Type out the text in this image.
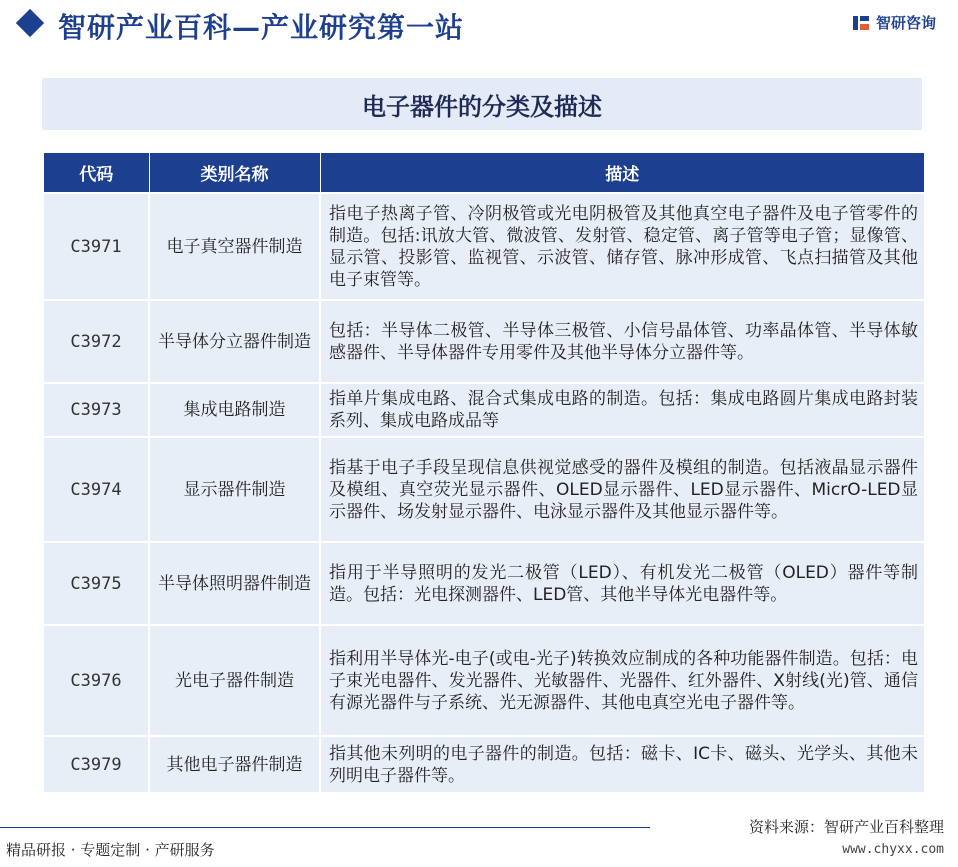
智研产业百科—产业研究第一站	智研咨询
电子器件的分类及描述
代码	类别名称	描述
C3971	电子真空器件制造	指电子热离子管、冷阴极管或光电阴极管及其他真空电子器件及电子管零件的制造。包括:讯放大管、微波管、发射管、稳定管、离子管等电子管；显像管、显示管、投影管、监视管、示波管、储存管、脉冲形成管、飞点扫描管及其他电子束管等。
C3972	半导体分立器件制造	包括：半导体二极管、半导体三极管、小信号晶体管、功率晶体管、半导体敏感器件、半导体器件专用零件及其他半导体分立器件等。
C3973	集成电路制造	指单片集成电路、混合式集成电路的制造。包括：集成电路圆片集成电路封装系列、集成电路成品等
C3974	显示器件制造	指基于电子手段呈现信息供视觉感受的器件及模组的制造。包括液晶显示器件及模组、真空荧光显示器件、OLED显示器件、LED显示器件、MicrO-LED显示器件、场发射显示器件、电泳显示器件及其他显示器件等。
C3975	半导体照明器件制造	指用于半导照明的发光二极管（LED）、有机发光二极管（OLED）器件等制造。包括：光电探测器件、LED管、其他半导体光电器件等。
C3976	光电子器件制造	指利用半导体光-电子(或电-光子)转换效应制成的各种功能器件制造。包括：电子束光电器件、发光器件、光敏器件、光器件、红外器件、X射线(光)管、通信有源光器件与子系统、光无源器件、其他电真空光电子器件等。
C3979	其他电子器件制造	指其他未列明的电子器件的制造。包括：磁卡、IC卡、磁头、光学头、其他未列明电子器件等。
精品研报 · 专题定制 · 产研服务
资料来源：智研产业百科整理
www.chyxx.com
